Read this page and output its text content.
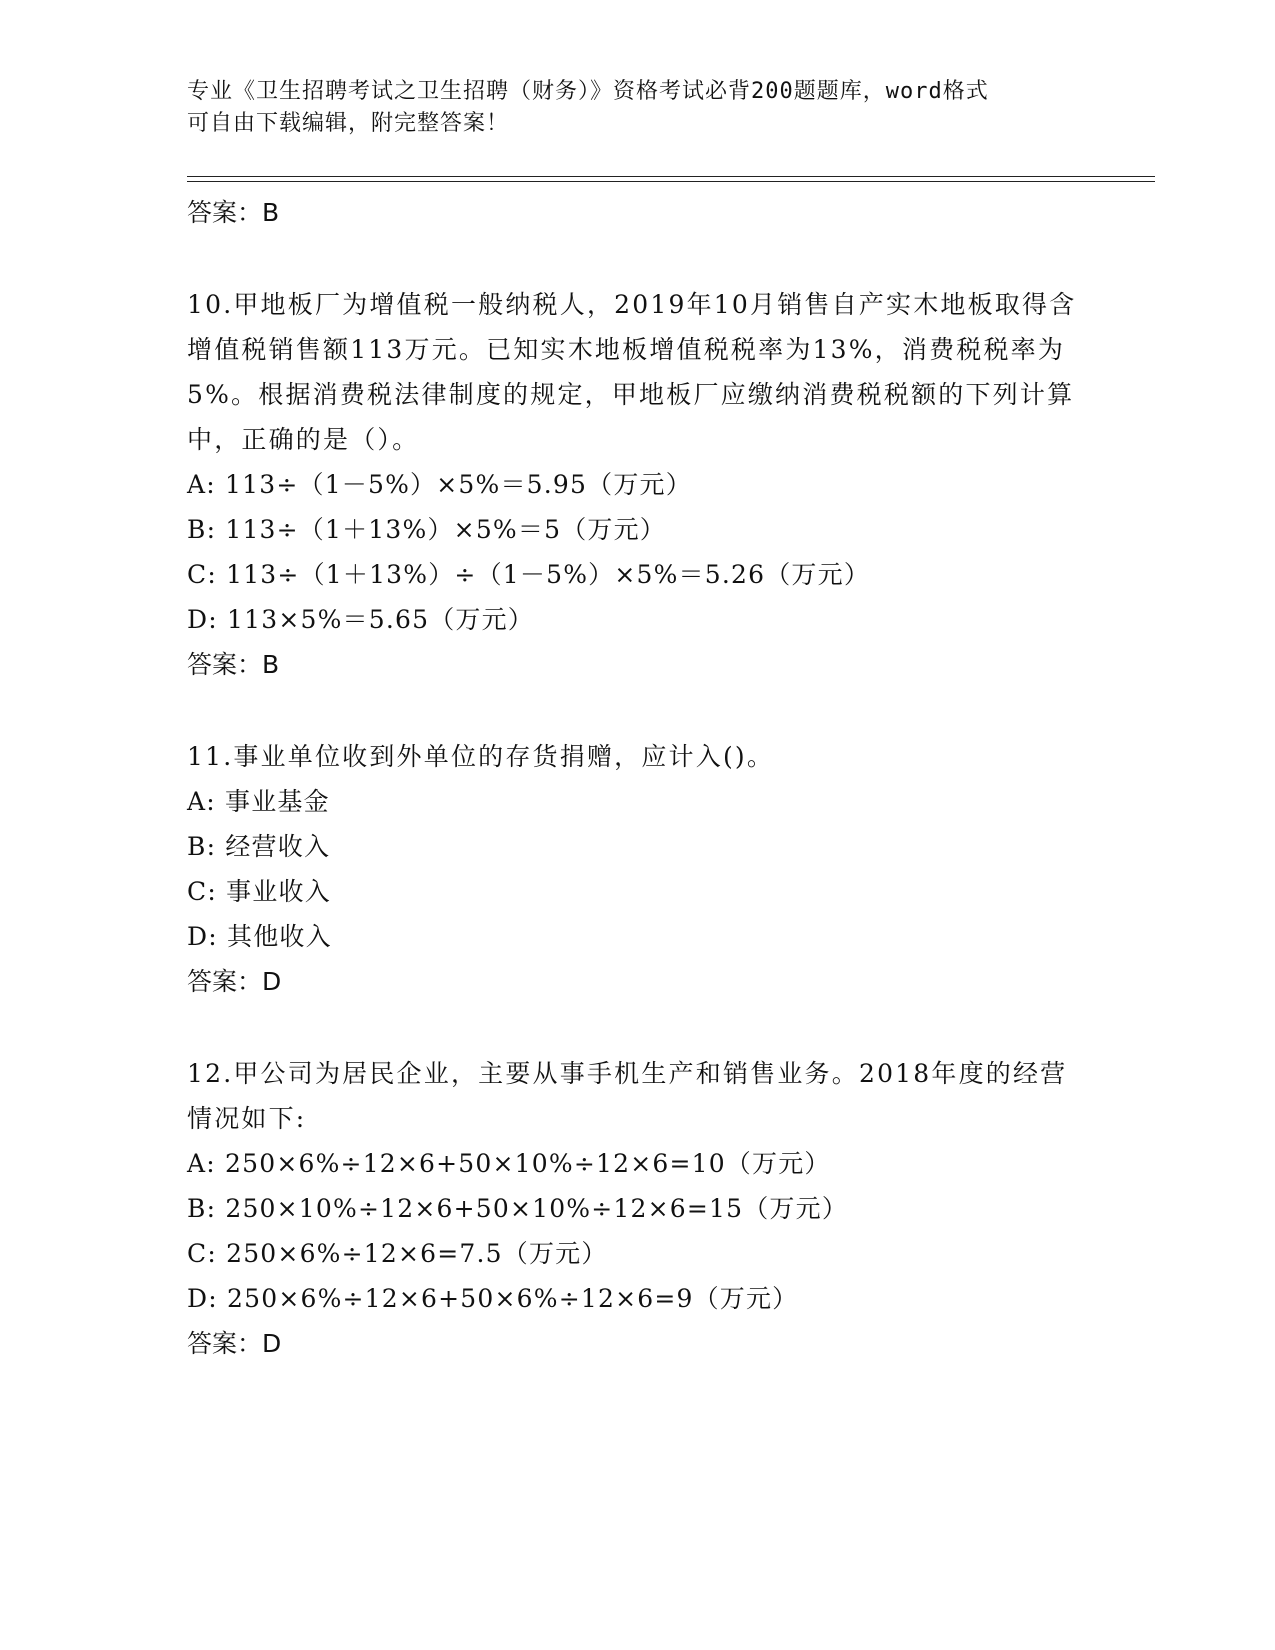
专业《卫生招聘考试之卫生招聘（财务）》资格考试必背200题题库，word格式
可自由下载编辑，附完整答案！
答案：B
10.甲地板厂为增值税一般纳税人，2019年10月销售自产实木地板取得含增值税销售额113万元。已知实木地板增值税税率为13%，消费税税率为5%。根据消费税法律制度的规定，甲地板厂应缴纳消费税税额的下列计算中，正确的是（）。
A: 113÷（1－5%）×5%＝5.95（万元）
B: 113÷（1＋13%）×5%＝5（万元）
C: 113÷（1＋13%）÷（1－5%）×5%＝5.26（万元）
D: 113×5%＝5.65（万元）
答案：B
11.事业单位收到外单位的存货捐赠，应计入()。
A: 事业基金
B: 经营收入
C: 事业收入
D: 其他收入
答案：D
12.甲公司为居民企业，主要从事手机生产和销售业务。2018年度的经营情况如下:
A: 250×6%÷12×6+50×10%÷12×6=10（万元）
B: 250×10%÷12×6+50×10%÷12×6=15（万元）
C: 250×6%÷12×6=7.5（万元）
D: 250×6%÷12×6+50×6%÷12×6=9（万元）
答案：D
